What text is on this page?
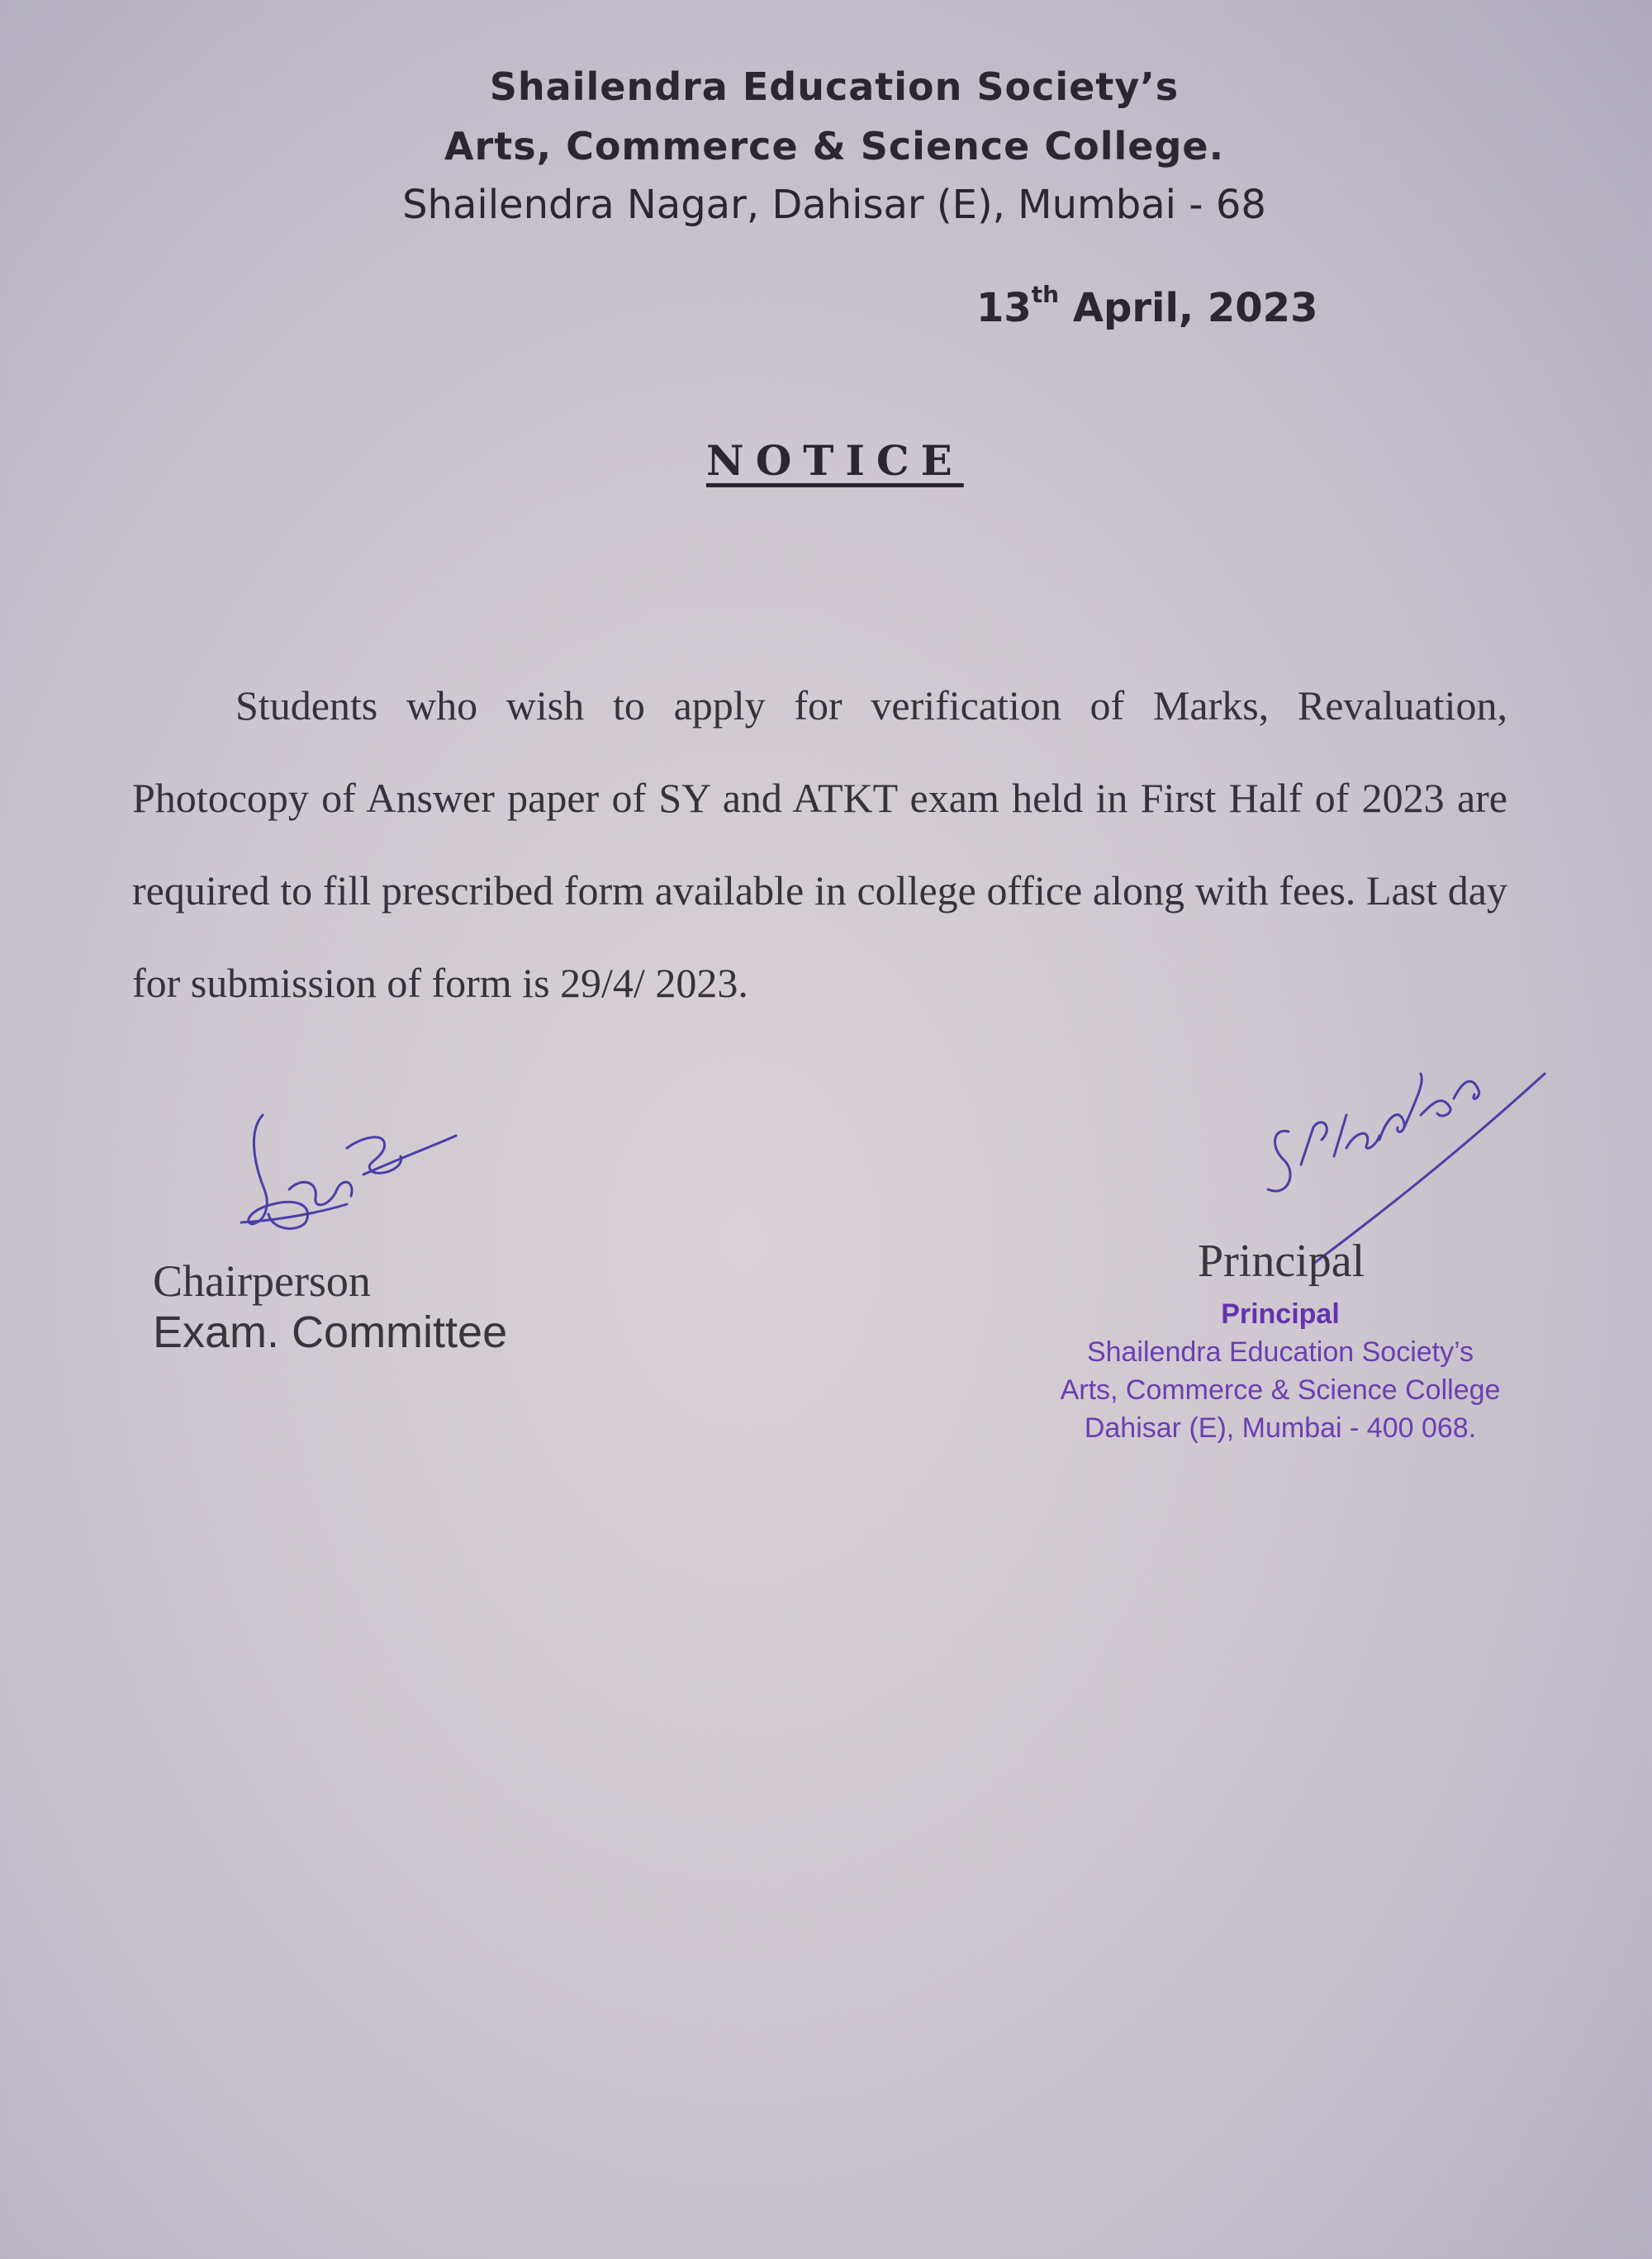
Shailendra Education Society’s
Arts, Commerce & Science College.
Shailendra Nagar, Dahisar (E), Mumbai - 68
13th April, 2023
NOTICE

Students who wish to apply for verification of Marks, Revaluation, Photocopy of Answer paper of SY and ATKT exam held in First Half of 2023 are required to fill prescribed form available in college office along with fees. Last day for submission of form is 29/4/ 2023.

Chairperson
Exam. Committee
Principal
Principal
Shailendra Education Society’s
Arts, Commerce & Science College
Dahisar (E), Mumbai - 400 068.
